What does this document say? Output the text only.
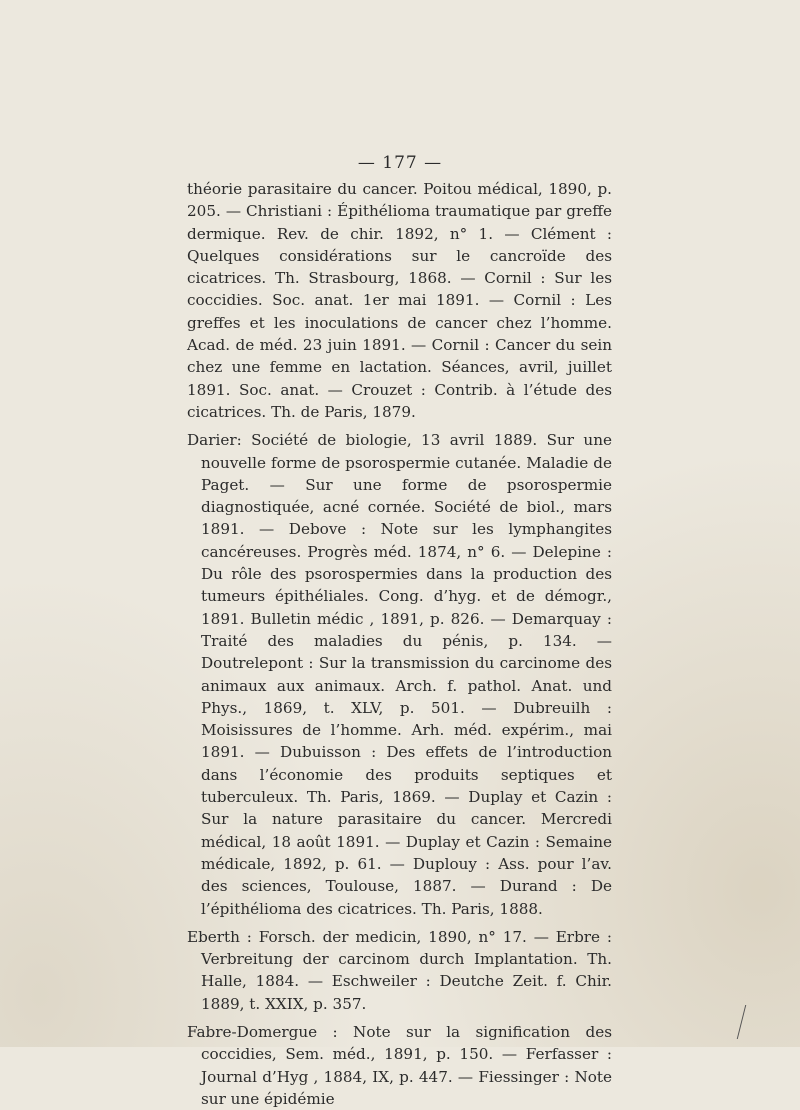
— 177 —

théorie parasitaire du cancer. Poitou médical, 1890, p. 205. — Christiani : Épithélioma traumatique par greffe dermique. Rev. de chir. 1892, n° 1. — Clément : Quelques considérations sur le cancroïde des cicatrices. Th. Strasbourg, 1868. — Cornil : Sur les coccidies. Soc. anat. 1er mai 1891. — Cornil : Les greffes et les inoculations de cancer chez l’homme. Acad. de méd. 23 juin 1891. — Cornil : Cancer du sein chez une femme en lactation. Séances, avril, juillet 1891. Soc. anat. — Crouzet : Contrib. à l’étude des cicatrices. Th. de Paris, 1879.

Darier: Société de biologie, 13 avril 1889. Sur une nouvelle forme de psorospermie cutanée. Maladie de Paget. — Sur une forme de psorospermie diagnostiquée, acné cornée. Société de biol., mars 1891. — Debove : Note sur les lymphangites cancéreuses. Progrès méd. 1874, n° 6. — Delepine : Du rôle des psorospermies dans la production des tumeurs épithéliales. Cong. d’hyg. et de démogr., 1891. Bulletin médic , 1891, p. 826. — Demarquay : Traité des maladies du pénis, p. 134. — Doutrelepont : Sur la transmission du carcinome des animaux aux animaux. Arch. f. pathol. Anat. und Phys., 1869, t. XLV, p. 501. — Dubreuilh : Moisissures de l’homme. Arh. méd. expérim., mai 1891. — Dubuisson : Des effets de l’introduction dans l’économie des produits septiques et tuberculeux. Th. Paris, 1869. — Duplay et Cazin : Sur la nature parasitaire du cancer. Mercredi médical, 18 août 1891. — Duplay et Cazin : Semaine médicale, 1892, p. 61. — Duplouy : Ass. pour l’av. des sciences, Toulouse, 1887. — Durand : De l’épithélioma des cicatrices. Th. Paris, 1888.

Eberth : Forsch. der medicin, 1890, n° 17. — Erbre : Verbreitung der carcinom durch Implantation. Th. Halle, 1884. — Eschweiler : Deutche Zeit. f. Chir. 1889, t. XXIX, p. 357.

Fabre-Domergue : Note sur la signification des coccidies, Sem. méd., 1891, p. 150. — Ferfasser : Journal d’Hyg , 1884, IX, p. 447. — Fiessinger : Note sur une épidémie
